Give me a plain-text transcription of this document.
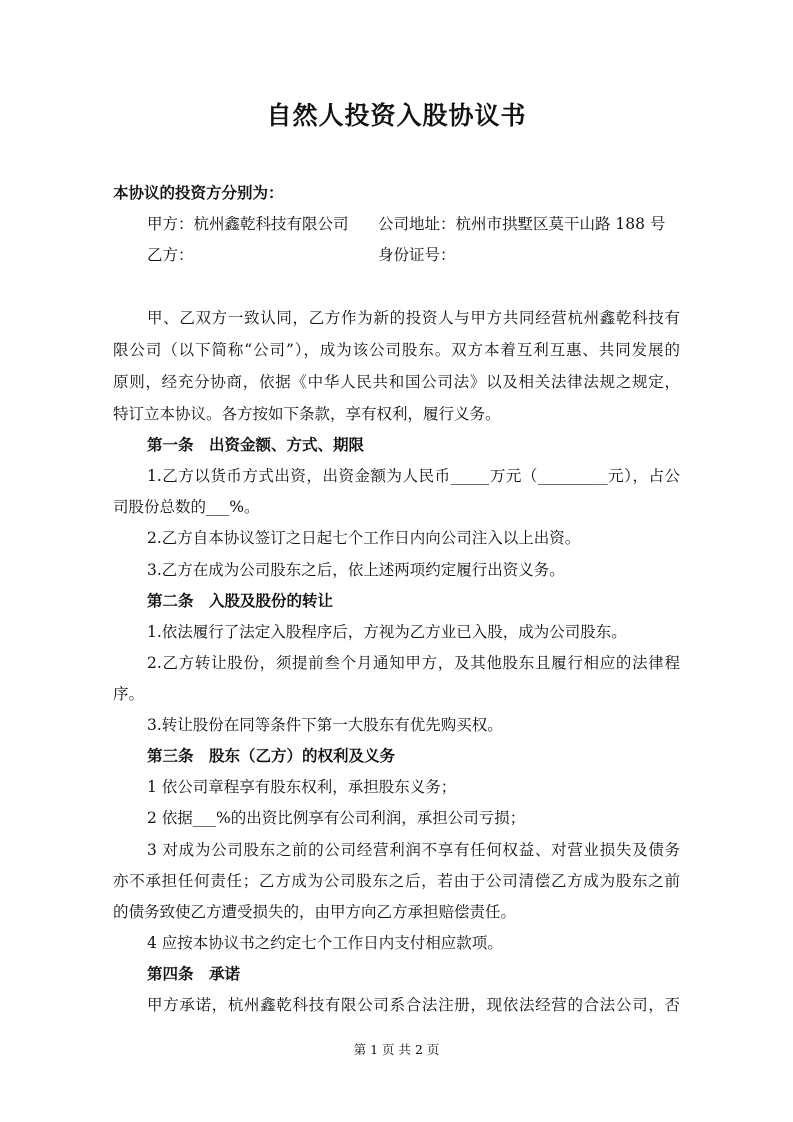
自然人投资入股协议书
本协议的投资方分别为：
甲方：杭州鑫乾科技有限公司 公司地址：杭州市拱墅区莫干山路 188 号
乙方：	身份证号：
甲、乙双方一致认同，乙方作为新的投资人与甲方共同经营杭州鑫乾科技有
限公司（以下简称“公司”），成为该公司股东。双方本着互利互惠、共同发展的
原则，经充分协商，依据《中华人民共和国公司法》以及相关法律法规之规定，
特订立本协议。各方按如下条款，享有权利，履行义务。
第一条　出资金额、方式、期限
1.乙方以货币方式出资，出资金额为人民币_____万元（_________元），占公
司股份总数的___%。
2.乙方自本协议签订之日起七个工作日内向公司注入以上出资。
3.乙方在成为公司股东之后，依上述两项约定履行出资义务。
第二条　入股及股份的转让
1.依法履行了法定入股程序后，方视为乙方业已入股，成为公司股东。
2.乙方转让股份，须提前叁个月通知甲方，及其他股东且履行相应的法律程
序。
3.转让股份在同等条件下第一大股东有优先购买权。
第三条　股东（乙方）的权利及义务
1 依公司章程享有股东权利，承担股东义务；
2 依据___%的出资比例享有公司利润，承担公司亏损；
3 对成为公司股东之前的公司经营利润不享有任何权益、对营业损失及债务
亦不承担任何责任；乙方成为公司股东之后，若由于公司清偿乙方成为股东之前
的债务致使乙方遭受损失的，由甲方向乙方承担赔偿责任。
4 应按本协议书之约定七个工作日内支付相应款项。
第四条　承诺
甲方承诺，杭州鑫乾科技有限公司系合法注册，现依法经营的合法公司，否
第 1 页 共 2 页
